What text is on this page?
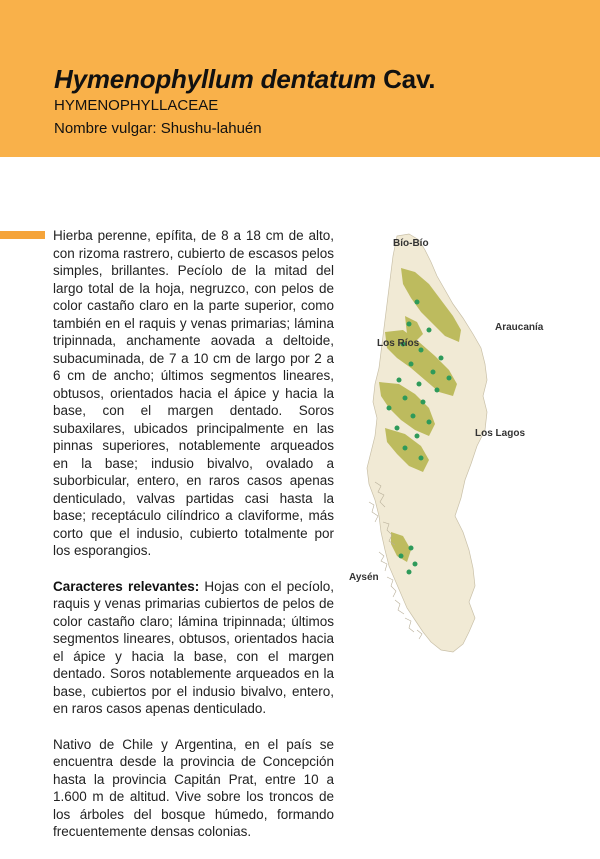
Hymenophyllum dentatum Cav.
HYMENOPHYLLACEAE
Nombre vulgar: Shushu-lahuén

Hierba perenne, epífita, de 8 a 18 cm de alto, con rizoma rastrero, cubierto de escasos pelos simples, brillantes. Pecíolo de la mitad del largo total de la hoja, negruzco, con pelos de color castaño claro en la parte superior, como también en el raquis y venas primarias; lámina tripinnada, anchamente aovada a deltoide, subacuminada, de 7 a 10 cm de largo por 2 a 6 cm de ancho; últimos segmentos lineares, obtusos, orientados hacia el ápice y hacia la base, con el margen dentado. Soros subaxilares, ubicados principalmente en las pinnas superiores, notablemente arqueados en la base; indusio bivalvo, ovalado a suborbicular, entero, en raros casos apenas denticulado, valvas partidas casi hasta la base; receptáculo cilíndrico a claviforme, más corto que el indusio, cubierto totalmente por los esporangios.

Caracteres relevantes: Hojas con el pecíolo, raquis y venas primarias cubiertos de pelos de color castaño claro; lámina tripinnada; últimos segmentos lineares, obtusos, orientados hacia el ápice y hacia la base, con el margen dentado. Soros notablemente arqueados en la base, cubiertos por el indusio bivalvo, entero, en raros casos apenas denticulado.

Nativo de Chile y Argentina, en el país se encuentra desde la provincia de Concepción hasta la provincia Capitán Prat, entre 10 a 1.600 m de altitud. Vive sobre los troncos de los árboles del bosque húmedo, formando frecuentemente densas colonias.

Bío-Bío
Araucanía
Los Ríos
Los Lagos
Aysén
